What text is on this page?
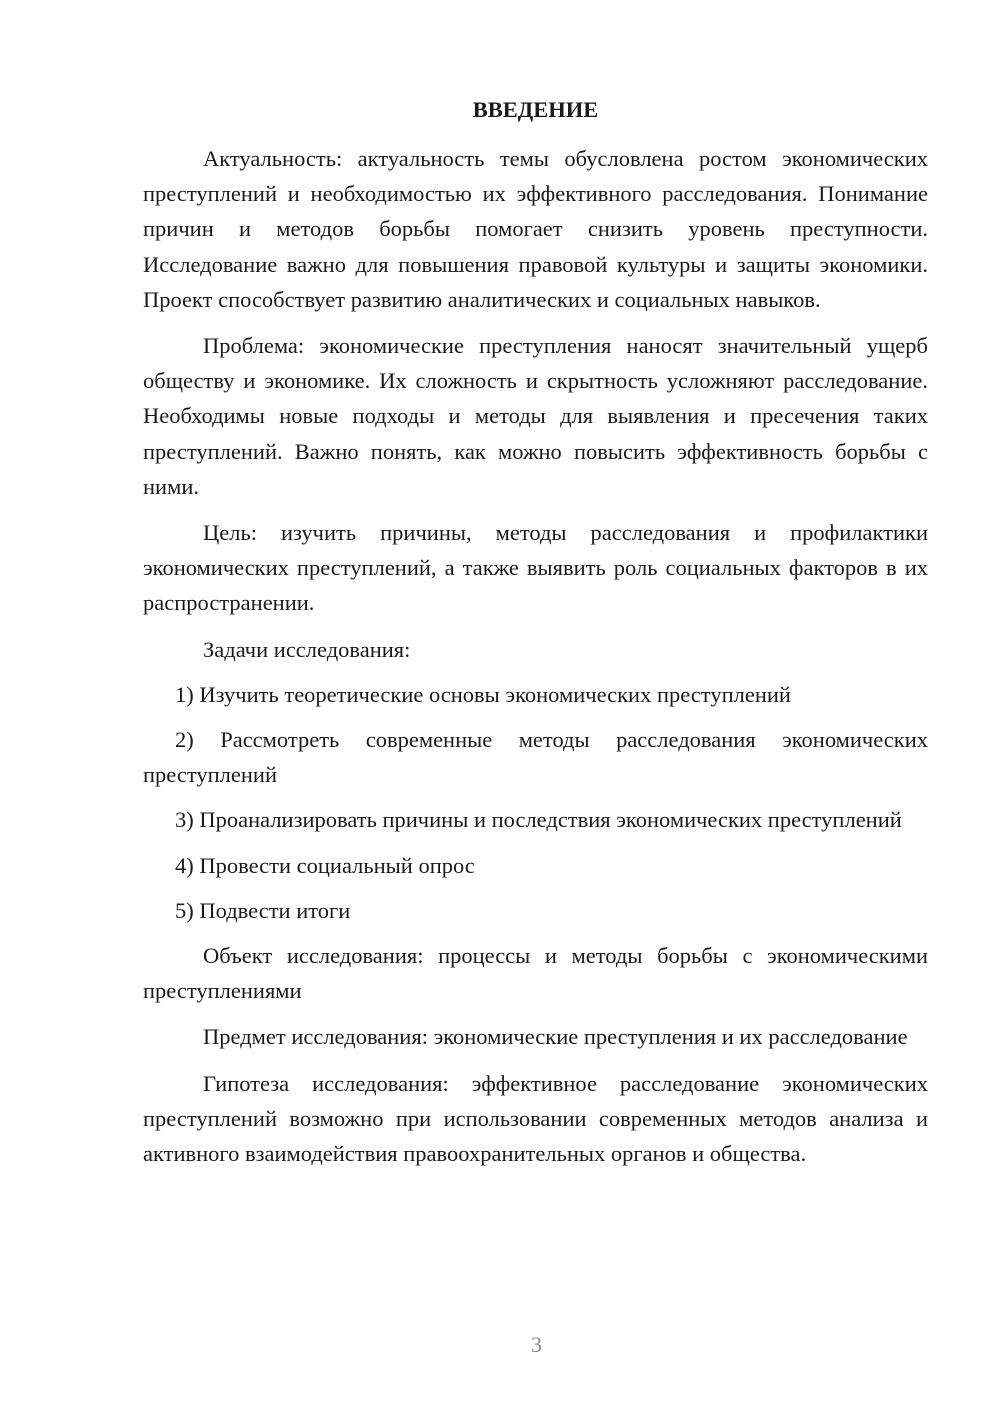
ВВЕДЕНИЕ

Актуальность: актуальность темы обусловлена ростом экономических преступлений и необходимостью их эффективного расследования. Понимание причин и методов борьбы помогает снизить уровень преступности. Исследование важно для повышения правовой культуры и защиты экономики. Проект способствует развитию аналитических и социальных навыков.

Проблема: экономические преступления наносят значительный ущерб обществу и экономике. Их сложность и скрытность усложняют расследование. Необходимы новые подходы и методы для выявления и пресечения таких преступлений. Важно понять, как можно повысить эффективность борьбы с ними.

Цель: изучить причины, методы расследования и профилактики экономических преступлений, а также выявить роль социальных факторов в их распространении.

Задачи исследования:

1) Изучить теоретические основы экономических преступлений

2) Рассмотреть современные методы расследования экономических преступлений

3) Проанализировать причины и последствия экономических преступлений

4) Провести социальный опрос

5) Подвести итоги

Объект исследования: процессы и методы борьбы с экономическими преступлениями

Предмет исследования: экономические преступления и их расследование

Гипотеза исследования: эффективное расследование экономических преступлений возможно при использовании современных методов анализа и активного взаимодействия правоохранительных органов и общества.

3
